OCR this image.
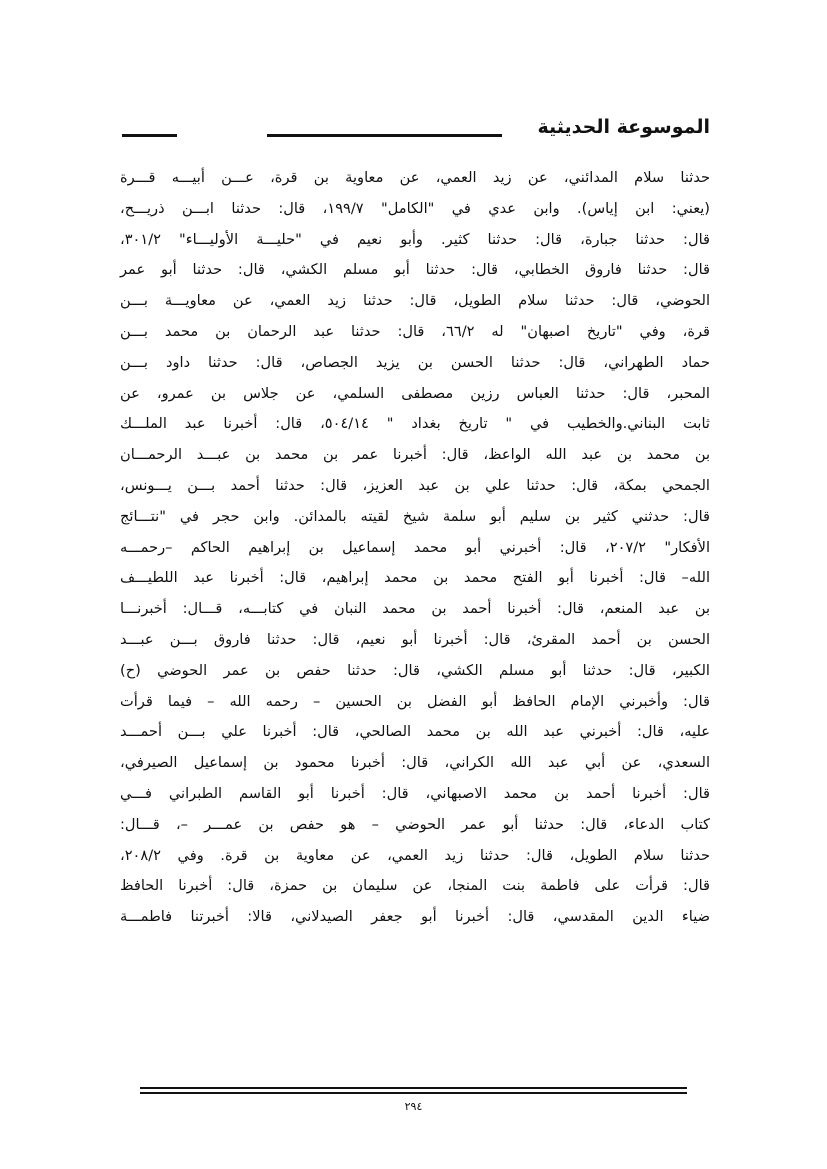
الموسوعة الحديثية
حدثنا سلام المدائني، عن زيد العمي، عن معاوية بن قرة، عـــن أبيـــه قـــرة
(يعني: ابن إياس). وابن عدي في "الكامل" ١٩٩/٧، قال: حدثنا ابـــن ذريـــح،
قال: حدثنا جبارة، قال: حدثنا كثير. وأبو نعيم في "حليـــة الأوليـــاء" ٣٠١/٢،
قال: حدثنا فاروق الخطابي، قال: حدثنا أبو مسلم الكشي، قال: حدثنا أبو عمر
الحوضي، قال: حدثنا سلام الطويل، قال: حدثنا زيد العمي، عن معاويـــة بـــن
قرة، وفي "تاريخ اصبهان" له ٦٦/٢، قال: حدثنا عبد الرحمان بن محمد بـــن
حماد الطهراني، قال: حدثنا الحسن بن يزيد الجصاص، قال: حدثنا داود بـــن
المحبر، قال: حدثنا العباس رزين مصطفى السلمي، عن جلاس بن عمرو، عن
ثابت البناني.والخطيب في " تاريخ بغداد " ٥٠٤/١٤، قال: أخبرنا عبد الملـــك
بن محمد بن عبد الله الواعظ، قال: أخبرنا عمر بن محمد بن عبـــد الرحمـــان
الجمحي بمكة، قال: حدثنا علي بن عبد العزيز، قال: حدثنا أحمد بـــن يـــونس،
قال: حدثني كثير بن سليم أبو سلمة شيخ لقيته بالمدائن. وابن حجر في "نتـــائج
الأفكار" ٢٠٧/٢، قال: أخبرني أبو محمد إسماعيل بن إبراهيم الحاكم –رحمـــه
الله– قال: أخبرنا أبو الفتح محمد بن محمد إبراهيم، قال: أخبرنا عبد اللطيـــف
بن عبد المنعم، قال: أخبرنا أحمد بن محمد النبان في كتابـــه، قـــال: أخبرنـــا
الحسن بن أحمد المقرئ، قال: أخبرنا أبو نعيم، قال: حدثنا فاروق بـــن عبـــد
الكبير، قال: حدثنا أبو مسلم الكشي، قال: حدثنا حفص بن عمر الحوضي (ح)
قال: وأخبرني الإمام الحافظ أبو الفضل بن الحسين – رحمه الله – فيما قرأت
عليه، قال: أخبرني عبد الله بن محمد الصالحي، قال: أخبرنا علي بـــن أحمـــد
السعدي، عن أبي عبد الله الكراني، قال: أخبرنا محمود بن إسماعيل الصيرفي،
قال: أخبرنا أحمد بن محمد الاصبهاني، قال: أخبرنا أبو القاسم الطبراني فـــي
كتاب الدعاء، قال: حدثنا أبو عمر الحوضي – هو حفص بن عمـــر –، قـــال:
حدثنا سلام الطويل، قال: حدثنا زيد العمي، عن معاوية بن قرة. وفي ٢٠٨/٢،
قال: قرأت على فاطمة بنت المنجا، عن سليمان بن حمزة، قال: أخبرنا الحافظ
ضياء الدين المقدسي، قال: أخبرنا أبو جعفر الصيدلاني، قالا: أخبرتنا فاطمـــة
٢٩٤
